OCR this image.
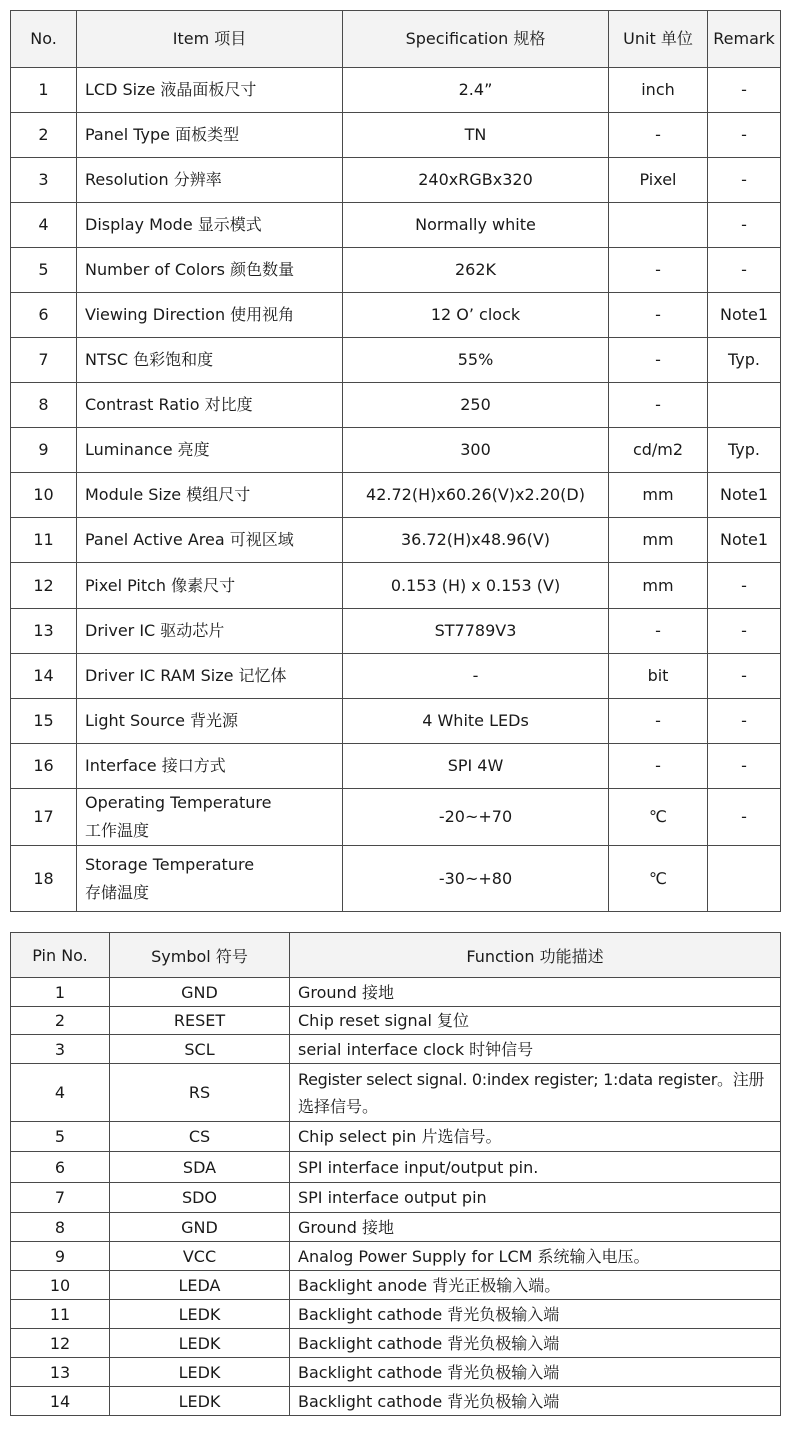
No.	Item 项目	Specification 规格	Unit 单位	Remark
1	LCD Size 液晶面板尺寸	2.4”	inch	-
2	Panel Type 面板类型	TN	-	-
3	Resolution 分辨率	240xRGBx320	Pixel	-
4	Display Mode 显示模式	Normally white		-
5	Number of Colors 颜色数量	262K	-	-
6	Viewing Direction 使用视角	12 O’ clock	-	Note1
7	NTSC 色彩饱和度	55%	-	Typ.
8	Contrast Ratio 对比度	250	-	
9	Luminance 亮度	300	cd/m2	Typ.
10	Module Size 模组尺寸	42.72(H)x60.26(V)x2.20(D)	mm	Note1
11	Panel Active Area 可视区域	36.72(H)x48.96(V)	mm	Note1
12	Pixel Pitch 像素尺寸	0.153 (H) x 0.153 (V)	mm	-
13	Driver IC 驱动芯片	ST7789V3	-	-
14	Driver IC RAM Size 记忆体	-	bit	-
15	Light Source 背光源	4 White LEDs	-	-
16	Interface 接口方式	SPI 4W	-	-
17	Operating Temperature
工作温度	-20~+70	℃	-
18	Storage Temperature
存储温度	-30~+80	℃	
Pin No.	Symbol 符号	Function 功能描述
1	GND	Ground 接地
2	RESET	Chip reset signal 复位
3	SCL	serial interface clock 时钟信号
4	RS	Register select signal. 0:index register; 1:data register。注册
选择信号。

5	CS	Chip select pin 片选信号。
6	SDA	SPI interface input/output pin.
7	SDO	SPI interface output pin
8	GND	Ground 接地
9	VCC	Analog Power Supply for LCM 系统输入电压。
10	LEDA	Backlight anode 背光正极输入端。
11	LEDK	Backlight cathode 背光负极输入端
12	LEDK	Backlight cathode 背光负极输入端
13	LEDK	Backlight cathode 背光负极输入端
14	LEDK	Backlight cathode 背光负极输入端
